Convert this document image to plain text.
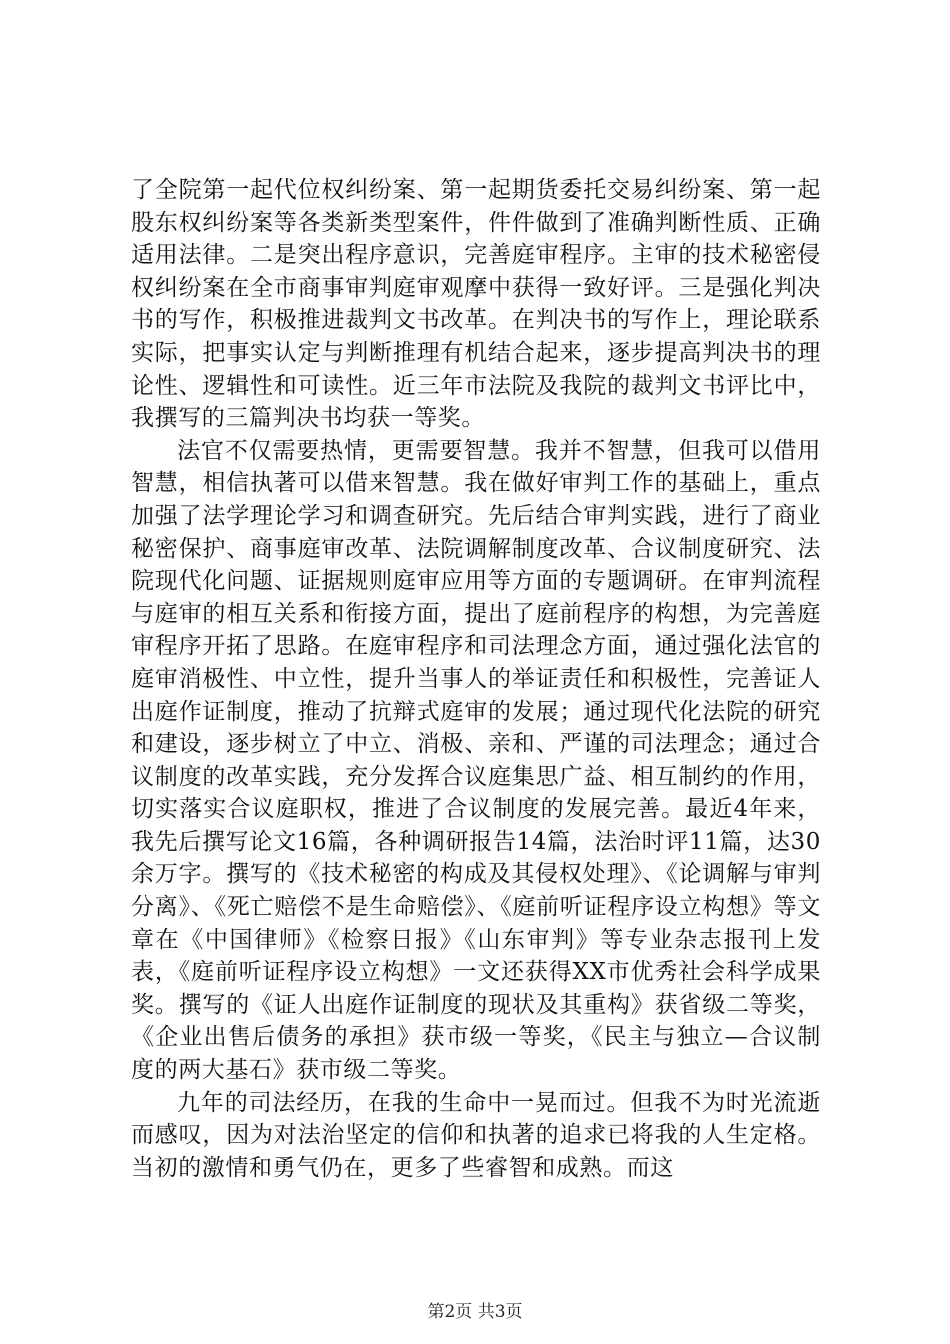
了全院第一起代位权纠纷案、第一起期货委托交易纠纷案、第一起股东权纠纷案等各类新类型案件，件件做到了准确判断性质、正确适用法律。二是突出程序意识，完善庭审程序。主审的技术秘密侵权纠纷案在全市商事审判庭审观摩中获得一致好评。三是强化判决书的写作，积极推进裁判文书改革。在判决书的写作上，理论联系实际，把事实认定与判断推理有机结合起来，逐步提高判决书的理论性、逻辑性和可读性。近三年市法院及我院的裁判文书评比中，我撰写的三篇判决书均获一等奖。

法官不仅需要热情，更需要智慧。我并不智慧，但我可以借用智慧，相信执著可以借来智慧。我在做好审判工作的基础上，重点加强了法学理论学习和调查研究。先后结合审判实践，进行了商业秘密保护、商事庭审改革、法院调解制度改革、合议制度研究、法院现代化问题、证据规则庭审应用等方面的专题调研。在审判流程与庭审的相互关系和衔接方面，提出了庭前程序的构想，为完善庭审程序开拓了思路。在庭审程序和司法理念方面，通过强化法官的庭审消极性、中立性，提升当事人的举证责任和积极性，完善证人出庭作证制度，推动了抗辩式庭审的发展；通过现代化法院的研究和建设，逐步树立了中立、消极、亲和、严谨的司法理念；通过合议制度的改革实践，充分发挥合议庭集思广益、相互制约的作用，切实落实合议庭职权，推进了合议制度的发展完善。最近4年来，我先后撰写论文16篇，各种调研报告14篇，法治时评11篇，达30余万字。撰写的《技术秘密的构成及其侵权处理》、《论调解与审判分离》、《死亡赔偿不是生命赔偿》、《庭前听证程序设立构想》等文章在《中国律师》《检察日报》《山东审判》等专业杂志报刊上发表，《庭前听证程序设立构想》一文还获得XX市优秀社会科学成果奖。撰写的《证人出庭作证制度的现状及其重构》获省级二等奖，《企业出售后债务的承担》获市级一等奖，《民主与独立—合议制度的两大基石》获市级二等奖。

九年的司法经历，在我的生命中一晃而过。但我不为时光流逝而感叹，因为对法治坚定的信仰和执著的追求已将我的人生定格。当初的激情和勇气仍在，更多了些睿智和成熟。而这

第2页 共3页
